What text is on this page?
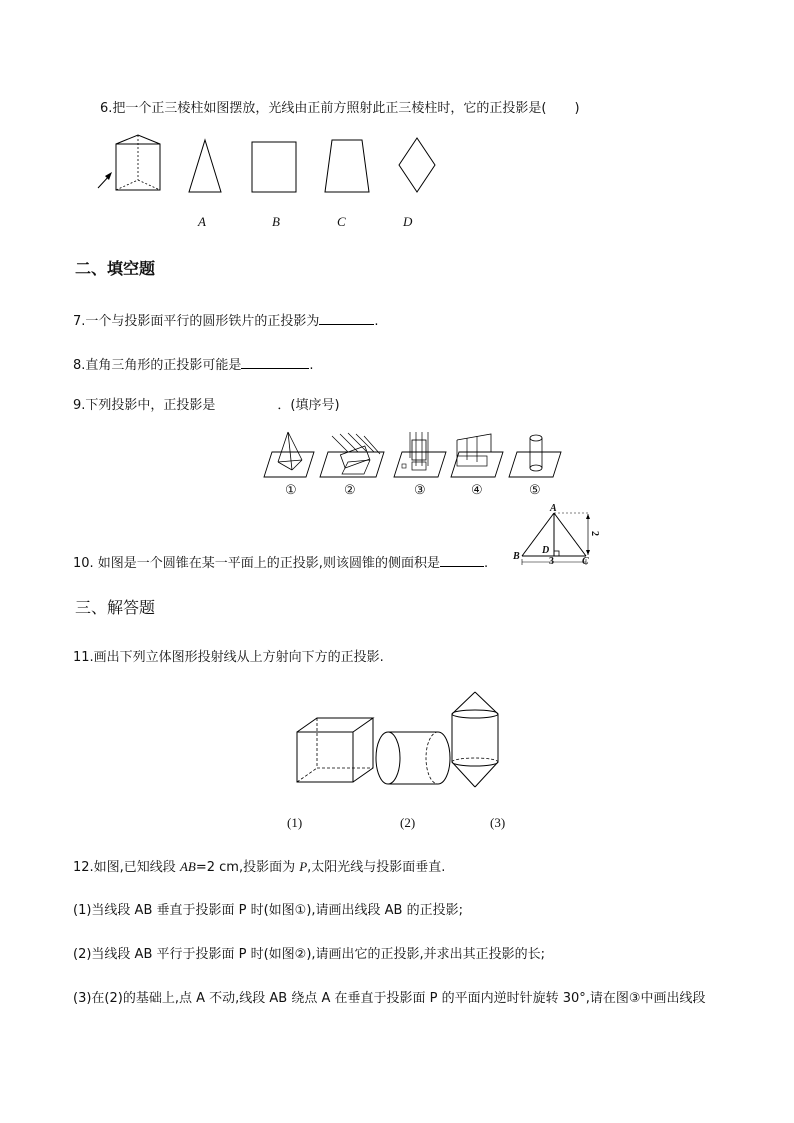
6.把一个正三棱柱如图摆放，光线由正前方照射此正三棱柱时，它的正投影是( )
A	B	C	D
二、填空题
7.一个与投影面平行的圆形铁片的正投影为	.
8.直角三角形的正投影可能是	.
9.下列投影中，正投影是	．(填序号)
①	②	③	④	⑤
10. 如图是一个圆锥在某一平面上的正投影,则该圆锥的侧面积是	.
A
B	C
D
2
3
三、解答题
11.画出下列立体图形投射线从上方射向下方的正投影.
(1)	(2)	(3)
12.如图,已知线段 AB=2 cm,投影面为 P,太阳光线与投影面垂直.
(1)当线段 AB 垂直于投影面 P 时(如图①),请画出线段 AB 的正投影;
(2)当线段 AB 平行于投影面 P 时(如图②),请画出它的正投影,并求出其正投影的长;
(3)在(2)的基础上,点 A 不动,线段 AB 绕点 A 在垂直于投影面 P 的平面内逆时针旋转 30°,请在图③中画出线段
